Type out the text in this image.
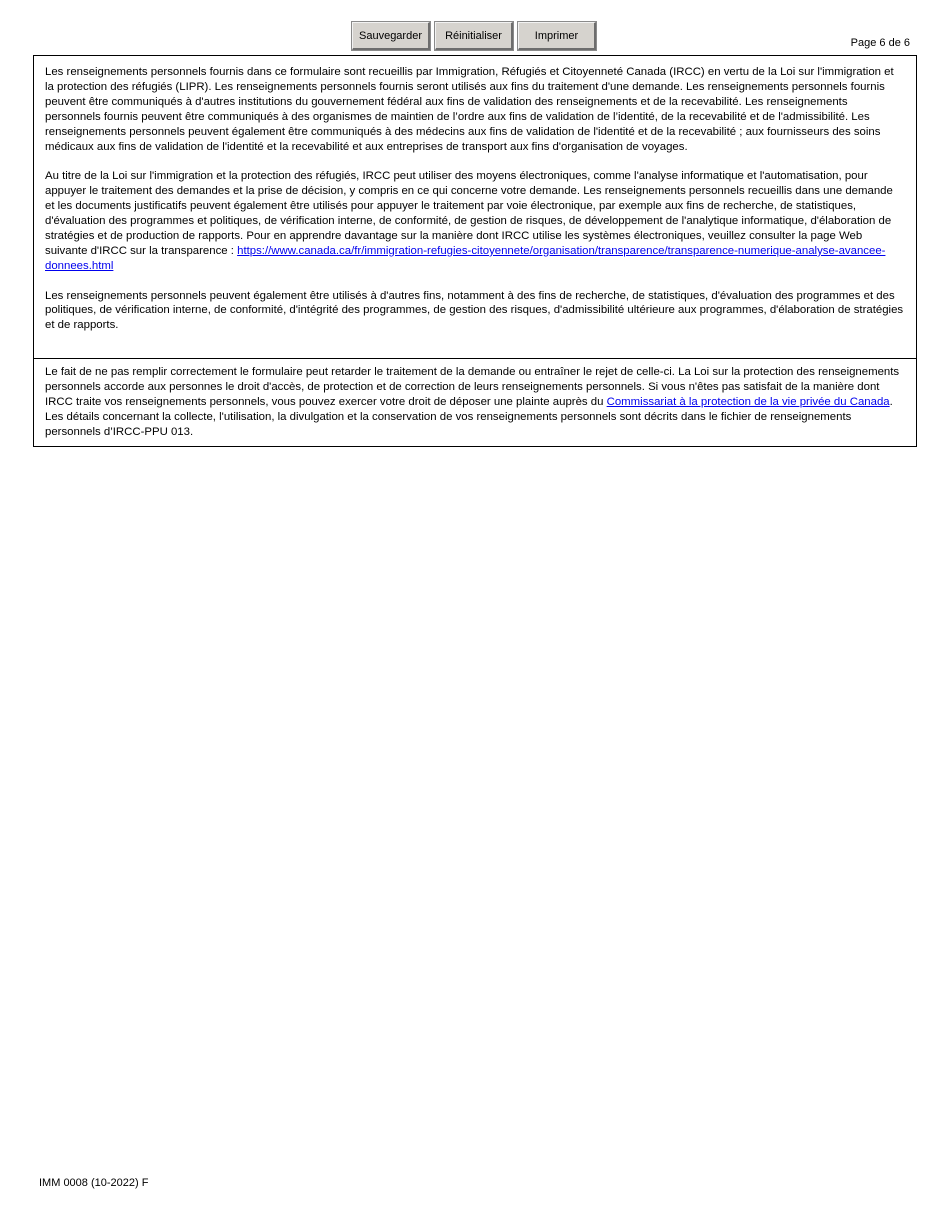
Sauvegarder	Réinitialiser	Imprimer
Page 6 de 6

Les renseignements personnels fournis dans ce formulaire sont recueillis par Immigration, Réfugiés et Citoyenneté Canada (IRCC) en vertu de la Loi sur l'immigration et la protection des réfugiés (LIPR). Les renseignements personnels fournis seront utilisés aux fins du traitement d'une demande. Les renseignements personnels fournis peuvent être communiqués à d'autres institutions du gouvernement fédéral aux fins de validation des renseignements et de la recevabilité. Les renseignements personnels fournis peuvent être communiqués à des organismes de maintien de l’ordre aux fins de validation de l’identité, de la recevabilité et de l'admissibilité. Les renseignements personnels peuvent également être communiqués à des médecins aux fins de validation de l'identité et de la recevabilité ; aux fournisseurs des soins médicaux aux fins de validation de l'identité et la recevabilité et aux entreprises de transport aux fins d'organisation de voyages.

Au titre de la Loi sur l'immigration et la protection des réfugiés, IRCC peut utiliser des moyens électroniques, comme l'analyse informatique et l'automatisation, pour appuyer le traitement des demandes et la prise de décision, y compris en ce qui concerne votre demande. Les renseignements personnels recueillis dans une demande et les documents justificatifs peuvent également être utilisés pour appuyer le traitement par voie électronique, par exemple aux fins de recherche, de statistiques, d'évaluation des programmes et politiques, de vérification interne, de conformité, de gestion de risques, de développement de l'analytique informatique, d'élaboration de stratégies et de production de rapports. Pour en apprendre davantage sur la manière dont IRCC utilise les systèmes électroniques, veuillez consulter la page Web suivante d'IRCC sur la transparence : https://www.canada.ca/fr/immigration-refugies-citoyennete/organisation/transparence/transparence-numerique-analyse-avancee-donnees.html

Les renseignements personnels peuvent également être utilisés à d'autres fins, notamment à des fins de recherche, de statistiques, d'évaluation des programmes et des politiques, de vérification interne, de conformité, d'intégrité des programmes, de gestion des risques, d'admissibilité ultérieure aux programmes, d'élaboration de stratégies et de rapports.

Le fait de ne pas remplir correctement le formulaire peut retarder le traitement de la demande ou entraîner le rejet de celle-ci. La Loi sur la protection des renseignements personnels accorde aux personnes le droit d'accès, de protection et de correction de leurs renseignements personnels. Si vous n'êtes pas satisfait de la manière dont IRCC traite vos renseignements personnels, vous pouvez exercer votre droit de déposer une plainte auprès du Commissariat à la protection de la vie privée du Canada. Les détails concernant la collecte, l'utilisation, la divulgation et la conservation de vos renseignements personnels sont décrits dans le fichier de renseignements personnels d’IRCC-PPU 013.

IMM 0008 (10-2022) F
